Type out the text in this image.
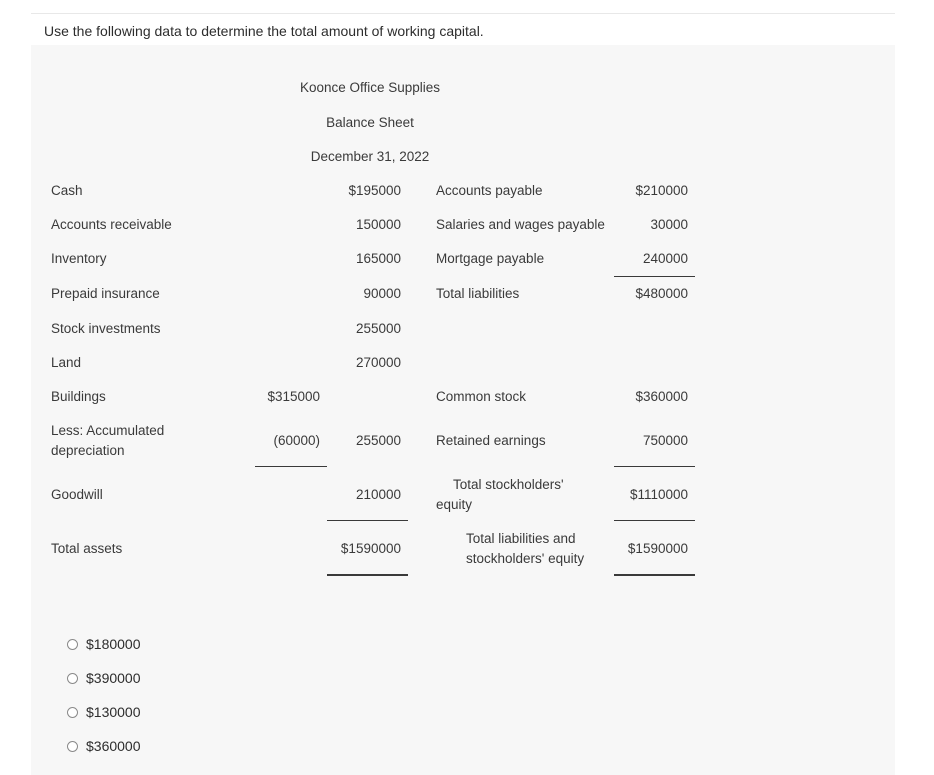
Use the following data to determine the total amount of working capital.
Koonce Office Supplies
Balance Sheet
December 31, 2022
Cash
Accounts receivable
Inventory
Prepaid insurance
Stock investments
Land
Buildings
Less: Accumulated
depreciation
Goodwill
Total assets
$315000
(60000)
$195000
150000
165000
90000
255000
270000
255000
210000
$1590000
Accounts payable
Salaries and wages payable
Mortgage payable
Total liabilities
Common stock
Retained earnings
Total stockholders'
equity
Total liabilities and
stockholders' equity
$210000
30000
240000
$480000
$360000
750000
$1110000
$1590000
$180000
$390000
$130000
$360000
